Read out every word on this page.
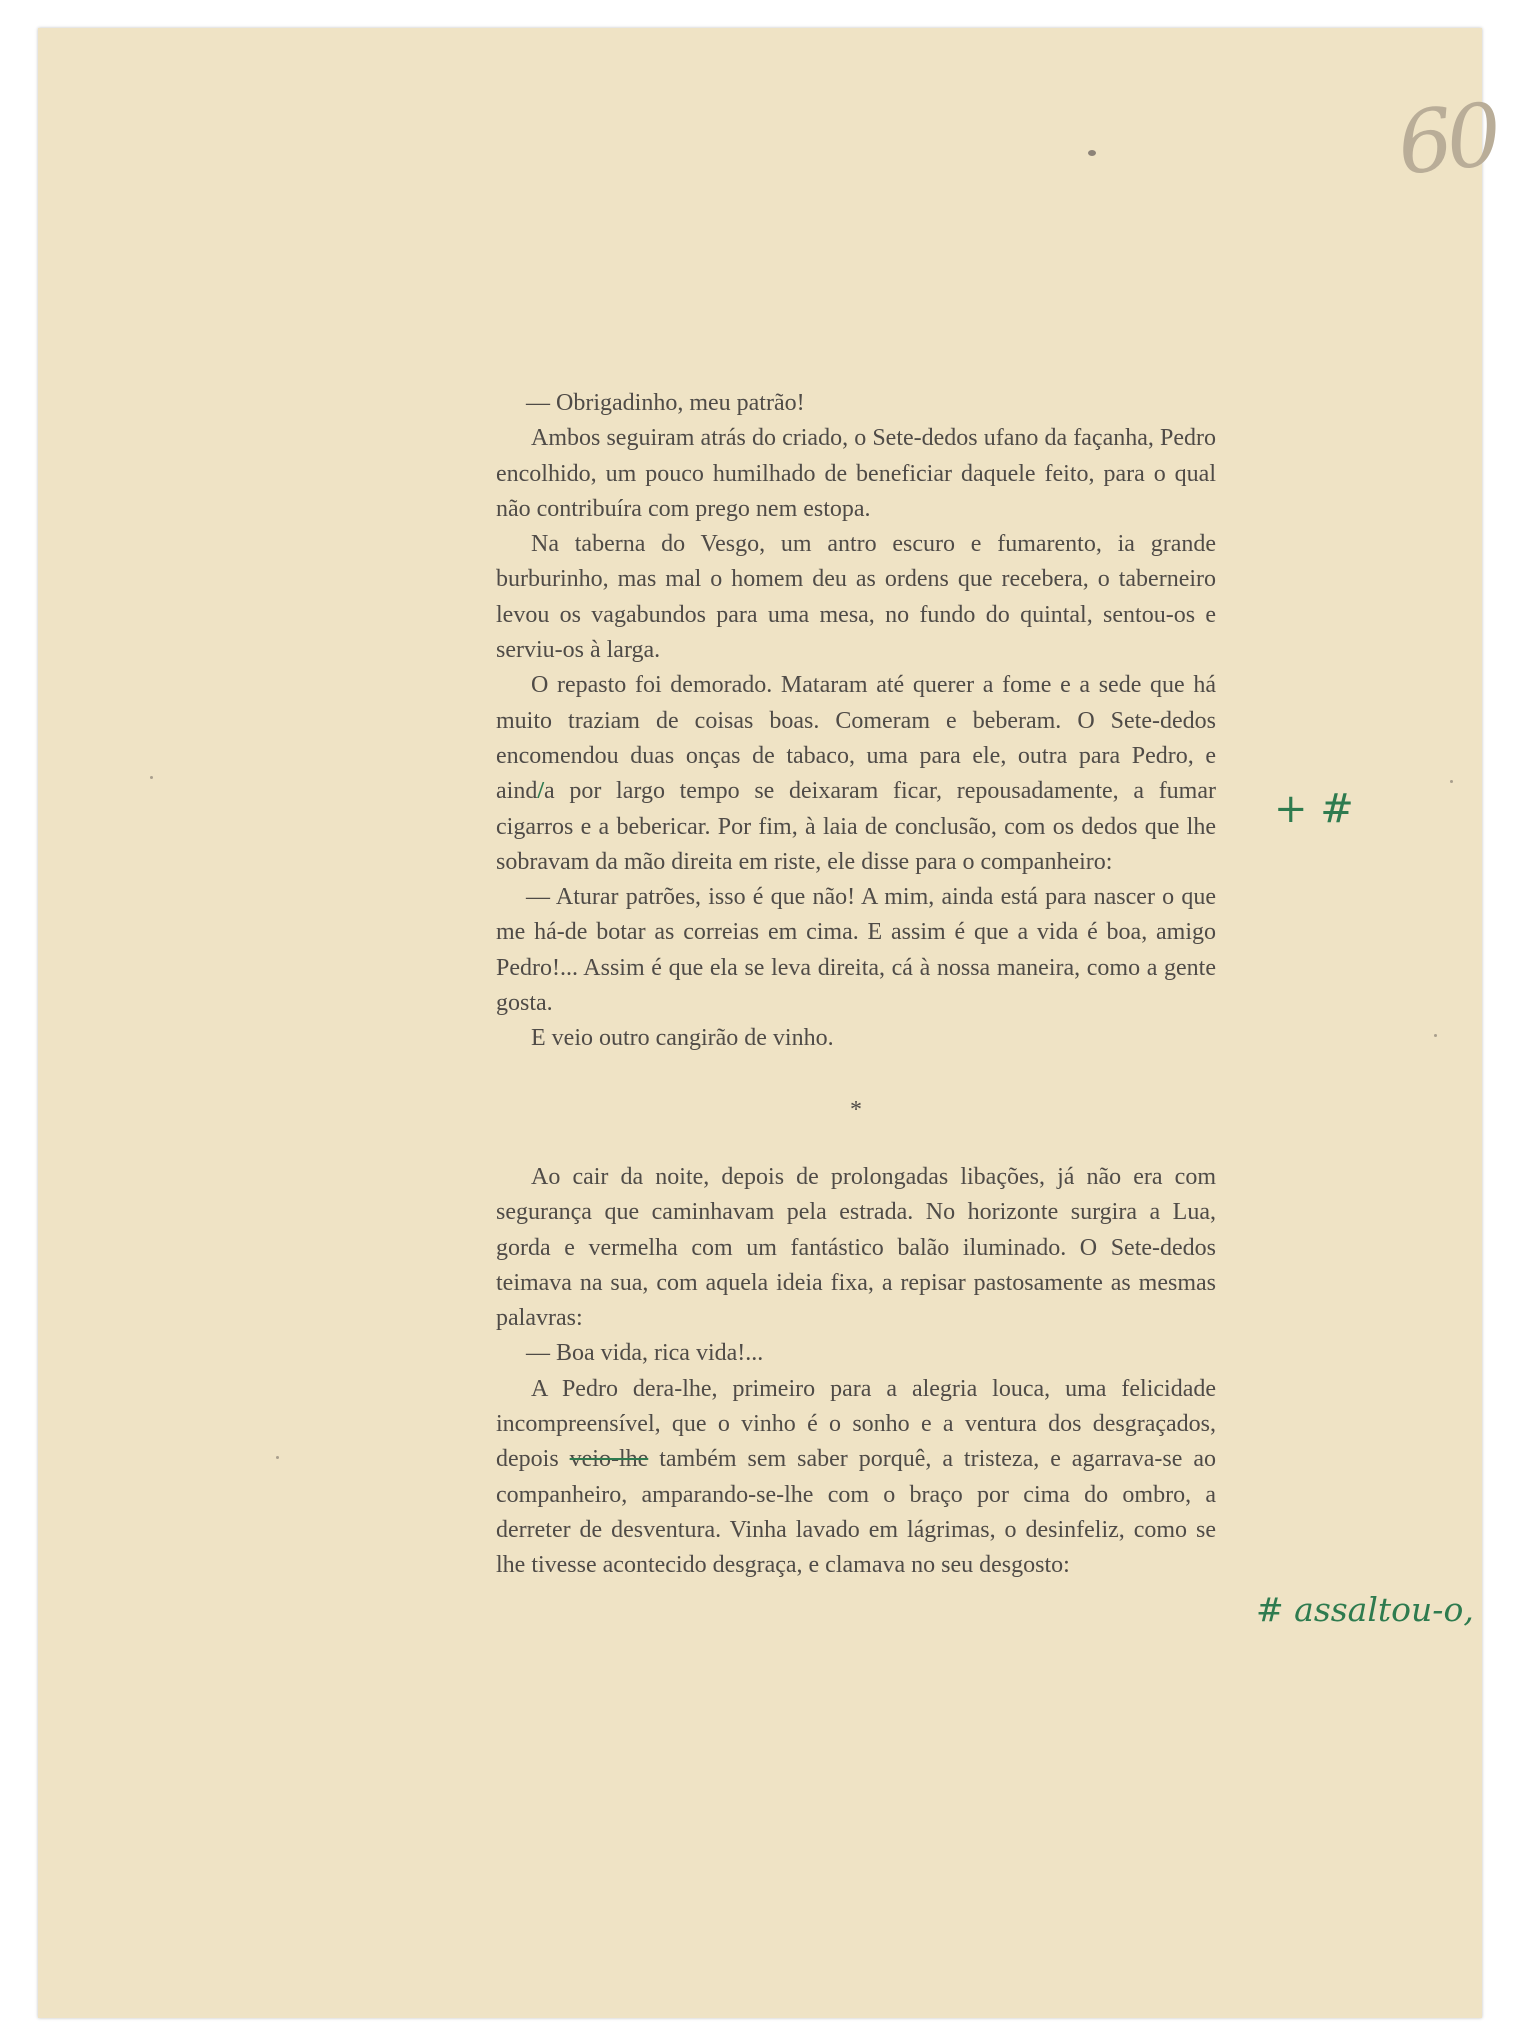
60

— Obrigadinho, meu patrão!

Ambos seguiram atrás do criado, o Sete-dedos ufano da façanha, Pedro encolhido, um pouco humilhado de beneficiar daquele feito, para o qual não contribuíra com prego nem estopa.

Na taberna do Vesgo, um antro escuro e fumarento, ia grande burburinho, mas mal o homem deu as ordens que recebera, o taberneiro levou os vagabundos para uma mesa, no fundo do quintal, sentou-os e serviu-os à larga.

O repasto foi demorado. Mataram até querer a fome e a sede que há muito traziam de coisas boas. Comeram e beberam. O Sete-dedos encomendou duas onças de tabaco, uma para ele, outra para Pedro, e aind/a por largo tempo se deixaram ficar, repousadamente, a fumar cigarros e a bebericar. Por fim, à laia de conclusão, com os dedos que lhe sobravam da mão direita em riste, ele disse para o companheiro:

— Aturar patrões, isso é que não! A mim, ainda está para nascer o que me há-de botar as correias em cima. E assim é que a vida é boa, amigo Pedro!... Assim é que ela se leva direita, cá à nossa maneira, como a gente gosta.

E veio outro cangirão de vinho.

*

Ao cair da noite, depois de prolongadas libações, já não era com segurança que caminhavam pela estrada. No horizonte surgira a Lua, gorda e vermelha com um fantástico balão iluminado. O Sete-dedos teimava na sua, com aquela ideia fixa, a repisar pastosamente as mesmas palavras:

— Boa vida, rica vida!...

A Pedro dera-lhe, primeiro para a alegria louca, uma felicidade incompreensível, que o vinho é o sonho e a ventura dos desgraçados, depois veio-lhe também sem saber porquê, a tristeza, e agarrava-se ao companheiro, amparando-se-lhe com o braço por cima do ombro, a derreter de desventura. Vinha lavado em lágrimas, o desinfeliz, como se lhe tivesse acontecido desgraça, e clamava no seu desgosto:

+ #
# assaltou-o,
